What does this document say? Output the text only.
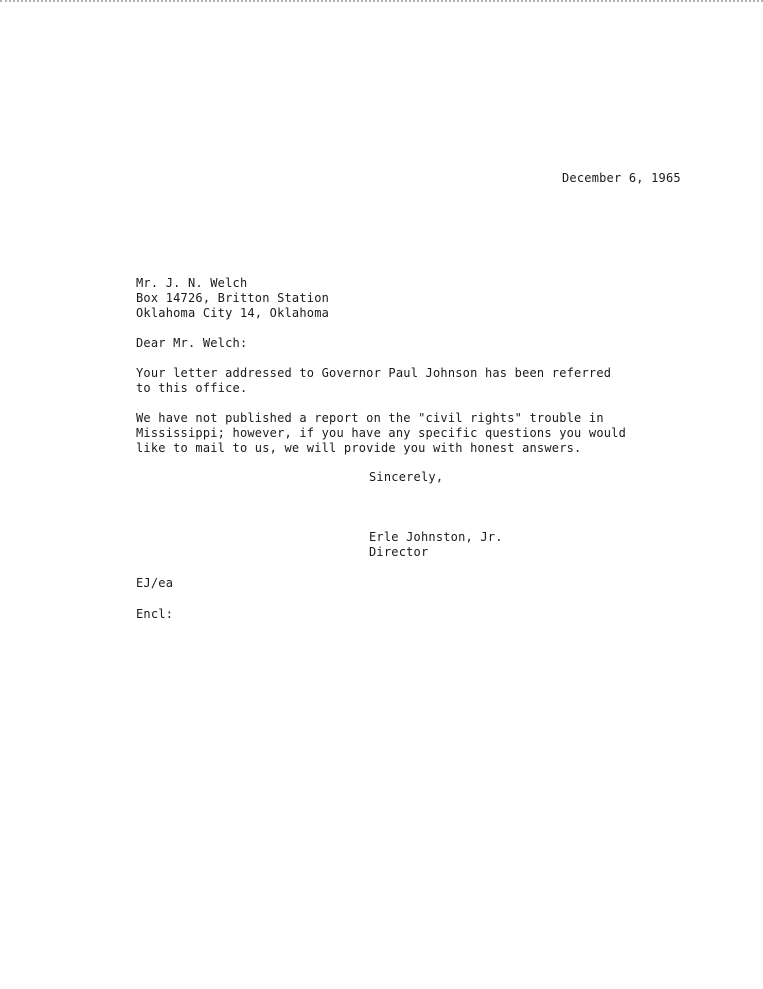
December 6, 1965
Mr. J. N. Welch
Box 14726, Britton Station
Oklahoma City 14, Oklahoma
Dear Mr. Welch:
Your letter addressed to Governor Paul Johnson has been referred
to this office.
We have not published a report on the "civil rights" trouble in
Mississippi; however, if you have any specific questions you would
like to mail to us, we will provide you with honest answers.
Sincerely,
Erle Johnston, Jr.
Director
EJ/ea
Encl:
